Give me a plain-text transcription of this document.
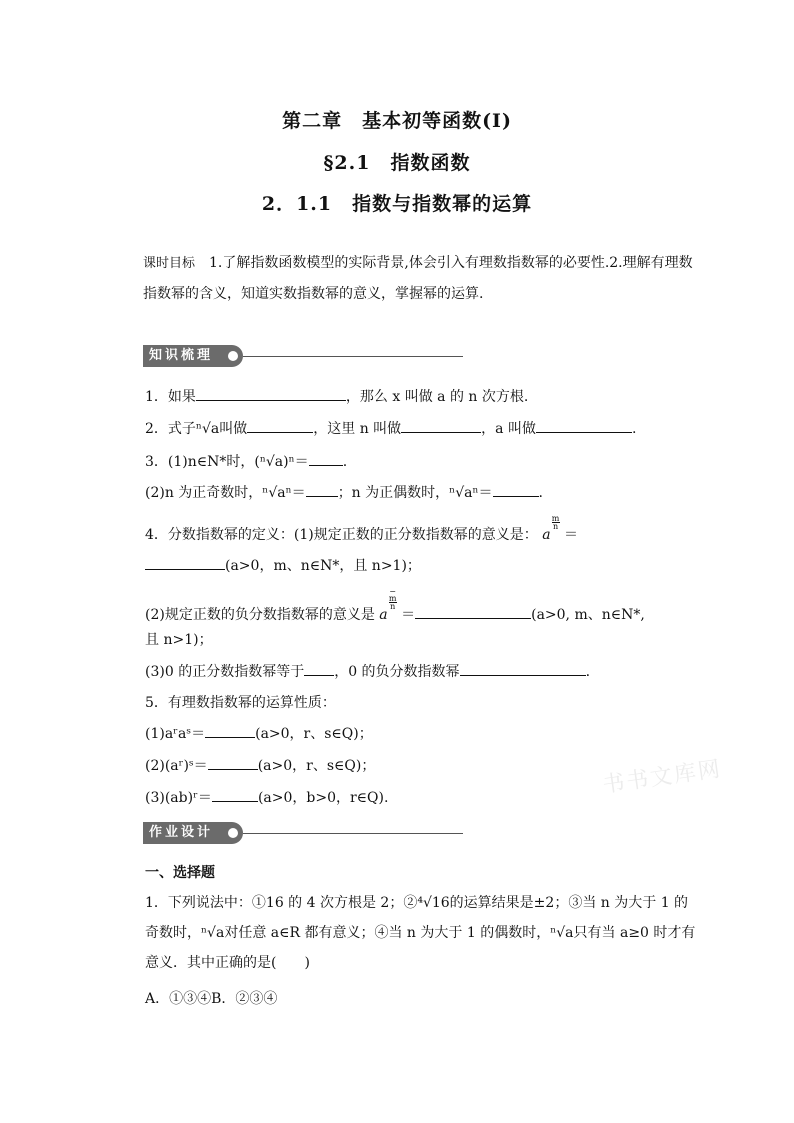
第二章　基本初等函数(Ⅰ)
§2.1　指数函数
2．1.1　指数与指数幂的运算
课时目标 1.了解指数函数模型的实际背景,体会引入有理数指数幂的必要性.2.理解有理数指数幂的含义，知道实数指数幂的意义，掌握幂的运算.
知识梳理
1．如果	，那么 x 叫做 a 的 n 次方根.
2．式子ⁿ√a叫做	，这里 n 叫做	，a 叫做	.
3．(1)n∈N*时，(ⁿ√a)ⁿ＝ .
(2)n 为正奇数时，ⁿ√aⁿ＝ ；n 为正偶数时，ⁿ√aⁿ＝	.
4．分数指数幂的定义：(1)规定正数的正分数指数幂的意义是： a
$\frac{m}{n}$
＝
(a>0，m、n∈N*，且 n>1)；
(2)规定正数的负分数指数幂的意义是 a
−
m
n
＝	(a>0, m、n∈N*,
且 n>1)；
(3)0 的正分数指数幂等于 ，0 的负分数指数幂	.
5．有理数指数幂的运算性质：
(1)aʳaˢ＝	(a>0，r、s∈Q)；
(2)(aʳ)ˢ＝	(a>0，r、s∈Q)；
(3)(ab)ʳ＝	(a>0，b>0，r∈Q).	书书文库网
作业设计
一、选择题
1．下列说法中：①16 的 4 次方根是 2；②⁴√16的运算结果是±2；③当 n 为大于 1 的奇数时，ⁿ√a对任意 a∈R 都有意义；④当 n 为大于 1 的偶数时，ⁿ√a只有当 a≥0 时才有意义．其中正确的是(　　)
A．①③④B．②③④
